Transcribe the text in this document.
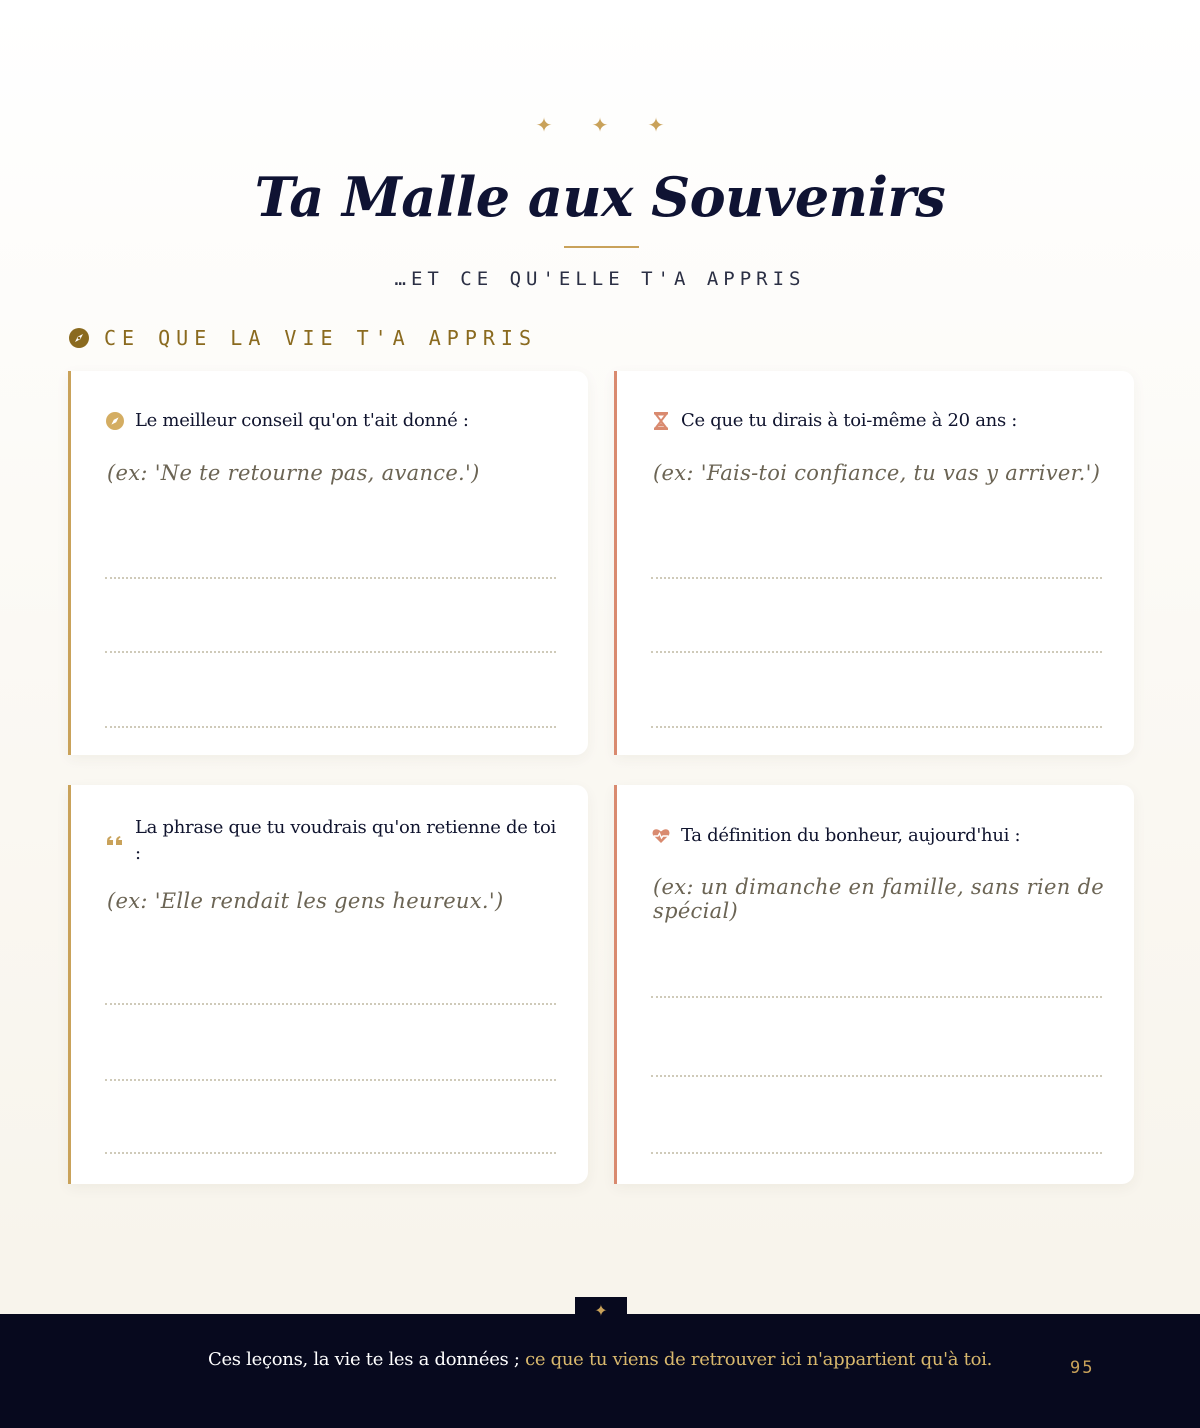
✦ ✦ ✦
Ta Malle aux Souvenirs
…ET CE QU'ELLE T'A APPRIS
CE QUE LA VIE T'A APPRIS
Le meilleur conseil qu'on t'ait donné :
(ex: 'Ne te retourne pas, avance.')
Ce que tu dirais à toi-même à 20 ans :
(ex: 'Fais-toi confiance, tu vas y arriver.')
La phrase que tu voudrais qu'on retienne de toi :
(ex: 'Elle rendait les gens heureux.')
Ta définition du bonheur, aujourd'hui :
(ex: un dimanche en famille, sans rien de spécial)
✦
Ces leçons, la vie te les a données ; ce que tu viens de retrouver ici n'appartient qu'à toi.	95
